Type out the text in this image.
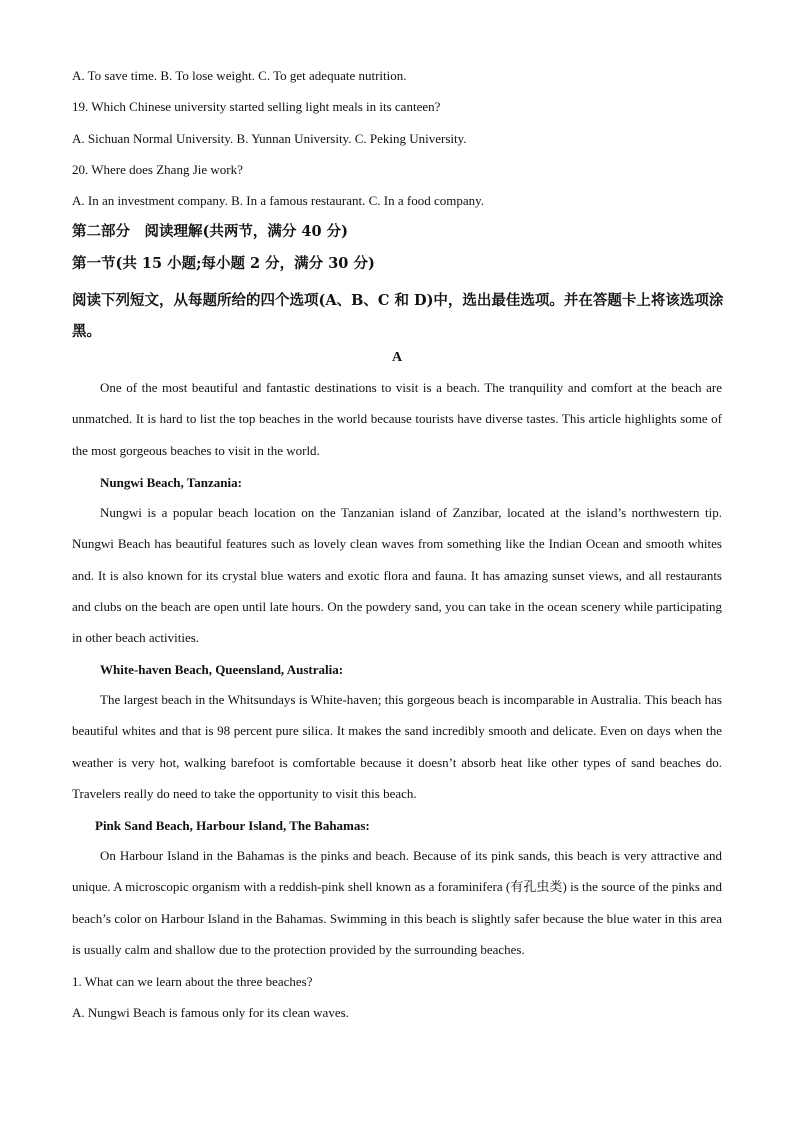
A. To save time. B. To lose weight. C. To get adequate nutrition.
19. Which Chinese university started selling light meals in its canteen?
A. Sichuan Normal University. B. Yunnan University. C. Peking University.
20. Where does Zhang Jie work?
A. In an investment company. B. In a famous restaurant. C. In a food company.
第二部分　阅读理解(共两节，满分 40 分)
第一节(共 15 小题;每小题 2 分，满分 30 分)
阅读下列短文，从每题所给的四个选项(A、B、C 和 D)中，选出最佳选项。并在答题卡上将该选项涂黑。
A
One of the most beautiful and fantastic destinations to visit is a beach. The tranquility and comfort at the beach are unmatched. It is hard to list the top beaches in the world because tourists have diverse tastes. This article highlights some of the most gorgeous beaches to visit in the world.
Nungwi Beach, Tanzania:
Nungwi is a popular beach location on the Tanzanian island of Zanzibar, located at the island’s northwestern tip. Nungwi Beach has beautiful features such as lovely clean waves from something like the Indian Ocean and smooth whites and. It is also known for its crystal blue waters and exotic flora and fauna. It has amazing sunset views, and all restaurants and clubs on the beach are open until late hours. On the powdery sand, you can take in the ocean scenery while participating in other beach activities.
White-haven Beach, Queensland, Australia:
The largest beach in the Whitsundays is White-haven; this gorgeous beach is incomparable in Australia. This beach has beautiful whites and that is 98 percent pure silica. It makes the sand incredibly smooth and delicate. Even on days when the weather is very hot, walking barefoot is comfortable because it doesn’t absorb heat like other types of sand beaches do. Travelers really do need to take the opportunity to visit this beach.
Pink Sand Beach, Harbour Island, The Bahamas:
On Harbour Island in the Bahamas is the pinks and beach. Because of its pink sands, this beach is very attractive and unique. A microscopic organism with a reddish-pink shell known as a foraminifera (有孔虫类) is the source of the pinks and beach’s color on Harbour Island in the Bahamas. Swimming in this beach is slightly safer because the blue water in this area is usually calm and shallow due to the protection provided by the surrounding beaches.
1. What can we learn about the three beaches?
A. Nungwi Beach is famous only for its clean waves.
